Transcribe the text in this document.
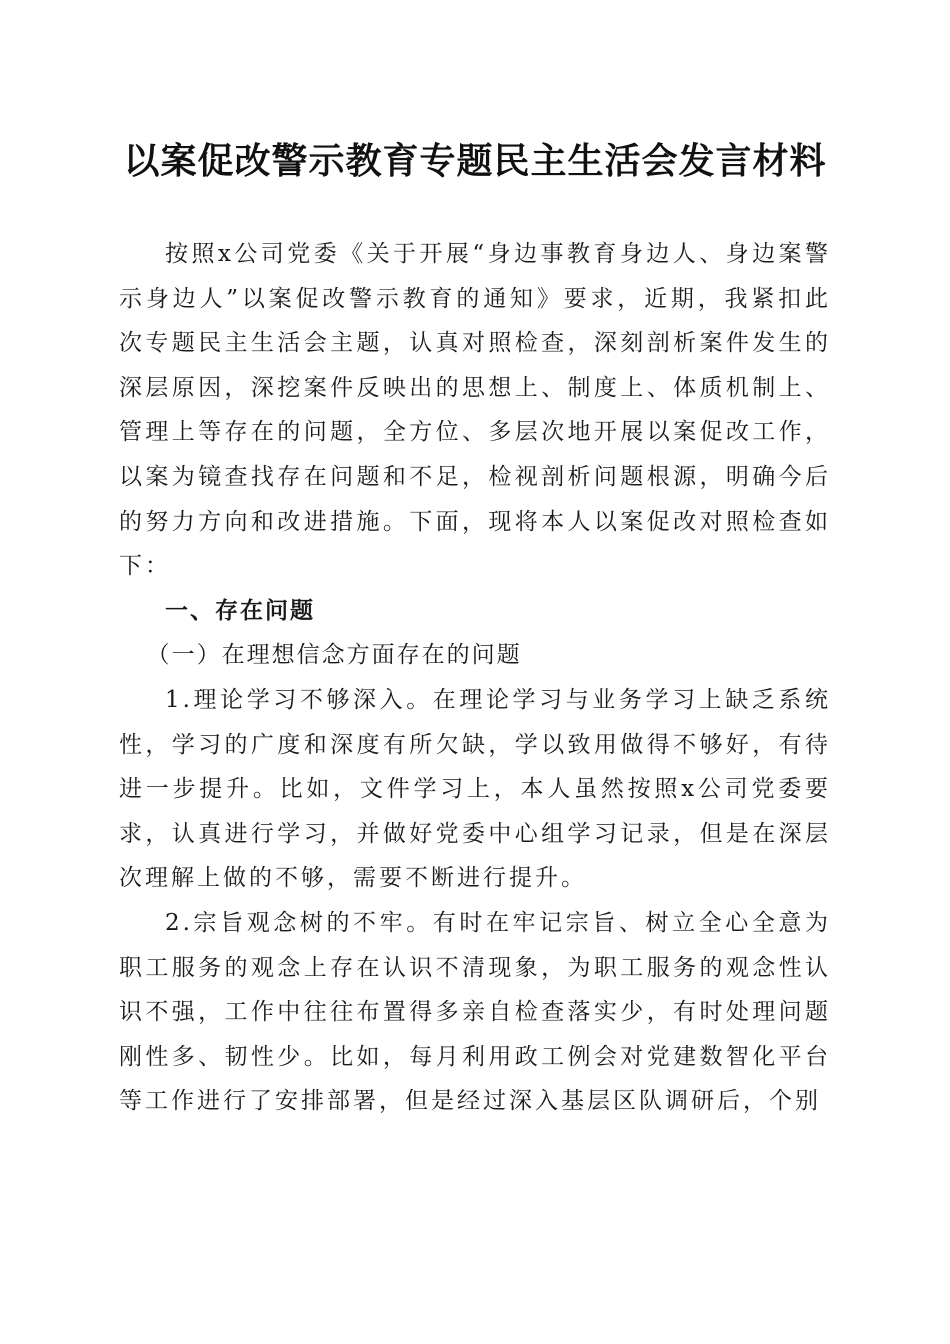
以案促改警示教育专题民主生活会发言材料

按照x公司党委《关于开展“身边事教育身边人、身边案警示身边人”以案促改警示教育的通知》要求，近期，我紧扣此次专题民主生活会主题，认真对照检查，深刻剖析案件发生的深层原因，深挖案件反映出的思想上、制度上、体质机制上、管理上等存在的问题，全方位、多层次地开展以案促改工作，以案为镜查找存在问题和不足，检视剖析问题根源，明确今后的努力方向和改进措施。下面，现将本人以案促改对照检查如下：

一、存在问题

（一）在理想信念方面存在的问题

1.理论学习不够深入。在理论学习与业务学习上缺乏系统性，学习的广度和深度有所欠缺，学以致用做得不够好，有待进一步提升。比如，文件学习上，本人虽然按照x公司党委要求，认真进行学习，并做好党委中心组学习记录，但是在深层次理解上做的不够，需要不断进行提升。

2.宗旨观念树的不牢。有时在牢记宗旨、树立全心全意为职工服务的观念上存在认识不清现象，为职工服务的观念性认识不强，工作中往往布置得多亲自检查落实少，有时处理问题刚性多、韧性少。比如，每月利用政工例会对党建数智化平台等工作进行了安排部署，但是经过深入基层区队调研后，个别
